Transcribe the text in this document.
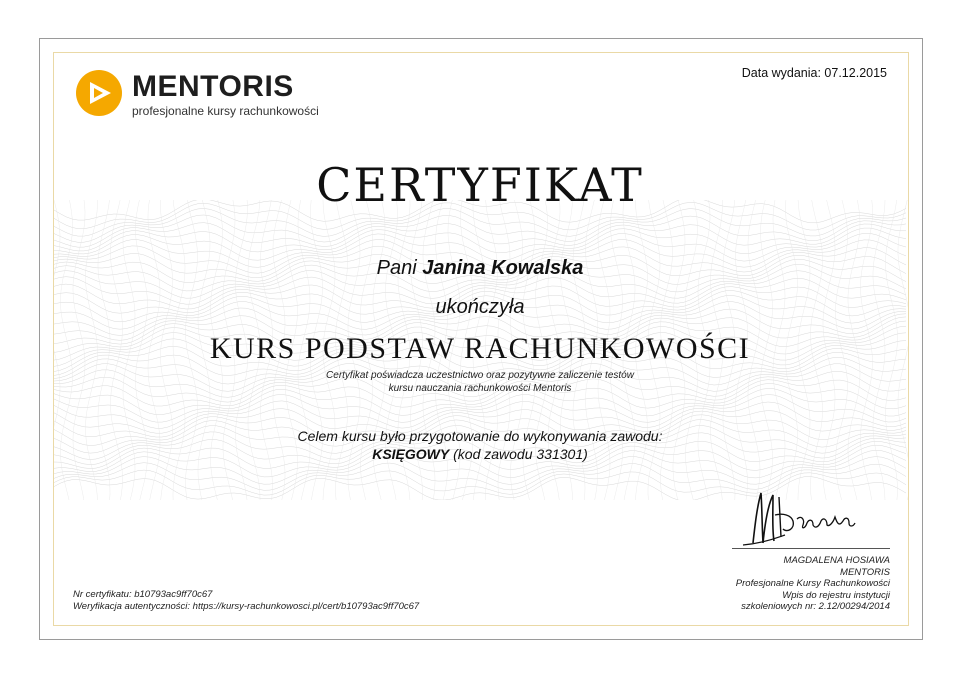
MENTORIS
profesjonalne kursy rachunkowości
Data wydania: 07.12.2015
CERTYFIKAT
Pani Janina Kowalska
ukończyła
KURS PODSTAW RACHUNKOWOŚCI
Certyfikat poświadcza uczestnictwo oraz pozytywne zaliczenie testów
kursu nauczania rachunkowości Mentoris
Celem kursu było przygotowanie do wykonywania zawodu:
KSIĘGOWY (kod zawodu 331301)
MAGDALENA HOSIAWA
MENTORIS
Profesjonalne Kursy Rachunkowości
Wpis do rejestru instytucji
szkoleniowych nr: 2.12/00294/2014
Nr certyfikatu: b10793ac9ff70c67
Weryfikacja autentyczności: https://kursy-rachunkowosci.pl/cert/b10793ac9ff70c67
